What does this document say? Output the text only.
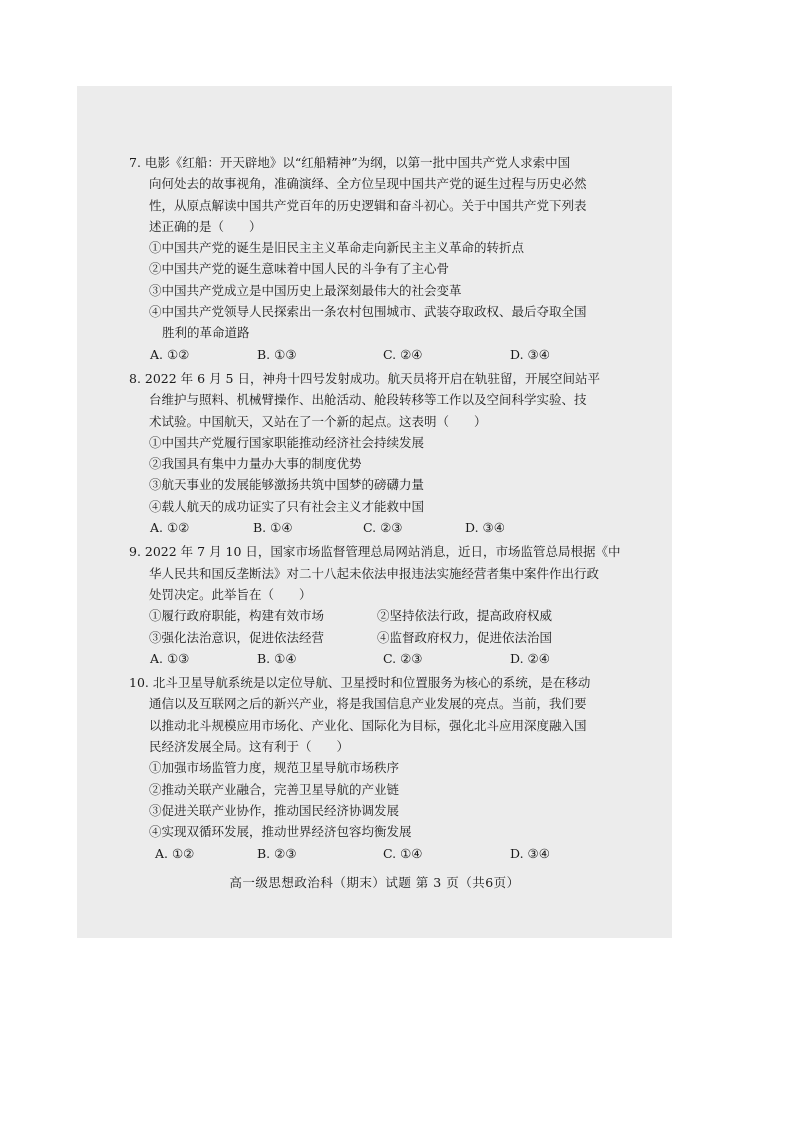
7. 电影《红船：开天辟地》以“红船精神”为纲，以第一批中国共产党人求索中国
向何处去的故事视角，准确演绎、全方位呈现中国共产党的诞生过程与历史必然
性，从原点解读中国共产党百年的历史逻辑和奋斗初心。关于中国共产党下列表
述正确的是（　　）
①中国共产党的诞生是旧民主主义革命走向新民主主义革命的转折点
②中国共产党的诞生意味着中国人民的斗争有了主心骨
③中国共产党成立是中国历史上最深刻最伟大的社会变革
④中国共产党领导人民探索出一条农村包围城市、武装夺取政权、最后夺取全国
胜利的革命道路
A. ①②	B. ①③	C. ②④	D. ③④
8. 2022 年 6 月 5 日，神舟十四号发射成功。航天员将开启在轨驻留，开展空间站平
台维护与照料、机械臂操作、出舱活动、舱段转移等工作以及空间科学实验、技
术试验。中国航天，又站在了一个新的起点。这表明（　　）
①中国共产党履行国家职能推动经济社会持续发展
②我国具有集中力量办大事的制度优势
③航天事业的发展能够激扬共筑中国梦的磅礴力量
④载人航天的成功证实了只有社会主义才能救中国
A. ①②	B. ①④	C. ②③	D. ③④
9. 2022 年 7 月 10 日，国家市场监督管理总局网站消息，近日，市场监管总局根据《中
华人民共和国反垄断法》对二十八起未依法申报违法实施经营者集中案件作出行政
处罚决定。此举旨在（　　）
①履行政府职能，构建有效市场	②坚持依法行政，提高政府权威
③强化法治意识，促进依法经营	④监督政府权力，促进依法治国
A. ①③	B. ①④	C. ②③	D. ②④
10. 北斗卫星导航系统是以定位导航、卫星授时和位置服务为核心的系统，是在移动
通信以及互联网之后的新兴产业，将是我国信息产业发展的亮点。当前，我们要
以推动北斗规模应用市场化、产业化、国际化为目标，强化北斗应用深度融入国
民经济发展全局。这有利于（　　）
①加强市场监管力度，规范卫星导航市场秩序
②推动关联产业融合，完善卫星导航的产业链
③促进关联产业协作，推动国民经济协调发展
④实现双循环发展，推动世界经济包容均衡发展
A. ①②	B. ②③	C. ①④	D. ③④
高一级思想政治科（期末）试题 第 3 页（共6页）
